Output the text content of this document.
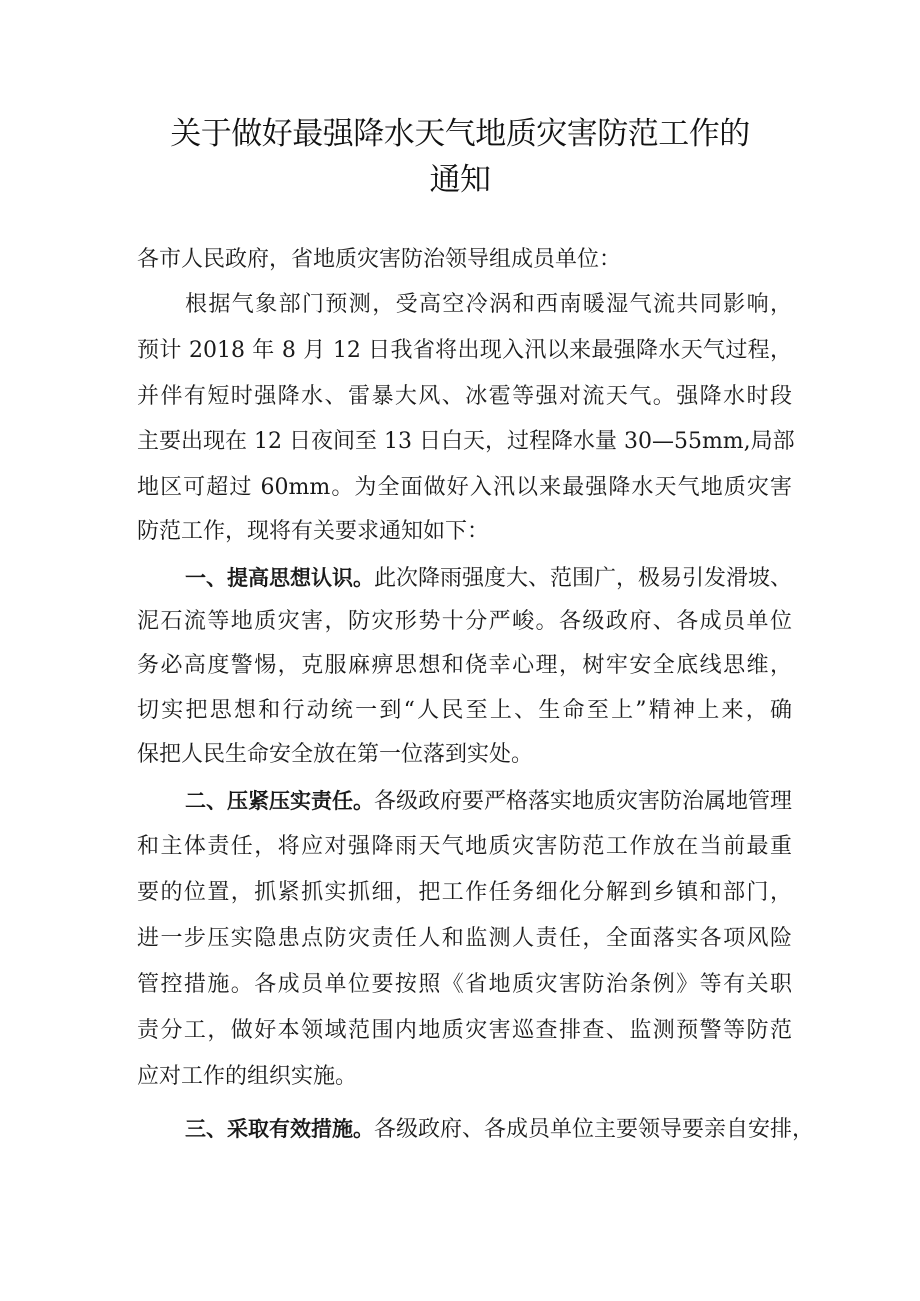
关于做好最强降水天气地质灾害防范工作的
通知

各市人民政府，省地质灾害防治领导组成员单位：

根据气象部门预测，受高空冷涡和西南暖湿气流共同影响，

预计 2018 年 8 月 12 日我省将出现入汛以来最强降水天气过程，

并伴有短时强降水、雷暴大风、冰雹等强对流天气。强降水时段

主要出现在 12 日夜间至 13 日白天，过程降水量 30—55mm,局部

地区可超过 60mm。为全面做好入汛以来最强降水天气地质灾害

防范工作，现将有关要求通知如下：

一、提高思想认识。此次降雨强度大、范围广，极易引发滑坡、

泥石流等地质灾害，防灾形势十分严峻。各级政府、各成员单位

务必高度警惕，克服麻痹思想和侥幸心理，树牢安全底线思维，

切实把思想和行动统一到“人民至上、生命至上”精神上来，确

保把人民生命安全放在第一位落到实处。

二、压紧压实责任。各级政府要严格落实地质灾害防治属地管理

和主体责任，将应对强降雨天气地质灾害防范工作放在当前最重

要的位置，抓紧抓实抓细，把工作任务细化分解到乡镇和部门，

进一步压实隐患点防灾责任人和监测人责任，全面落实各项风险

管控措施。各成员单位要按照《省地质灾害防治条例》等有关职

责分工，做好本领域范围内地质灾害巡查排查、监测预警等防范

应对工作的组织实施。

三、采取有效措施。各级政府、各成员单位主要领导要亲自安排，
